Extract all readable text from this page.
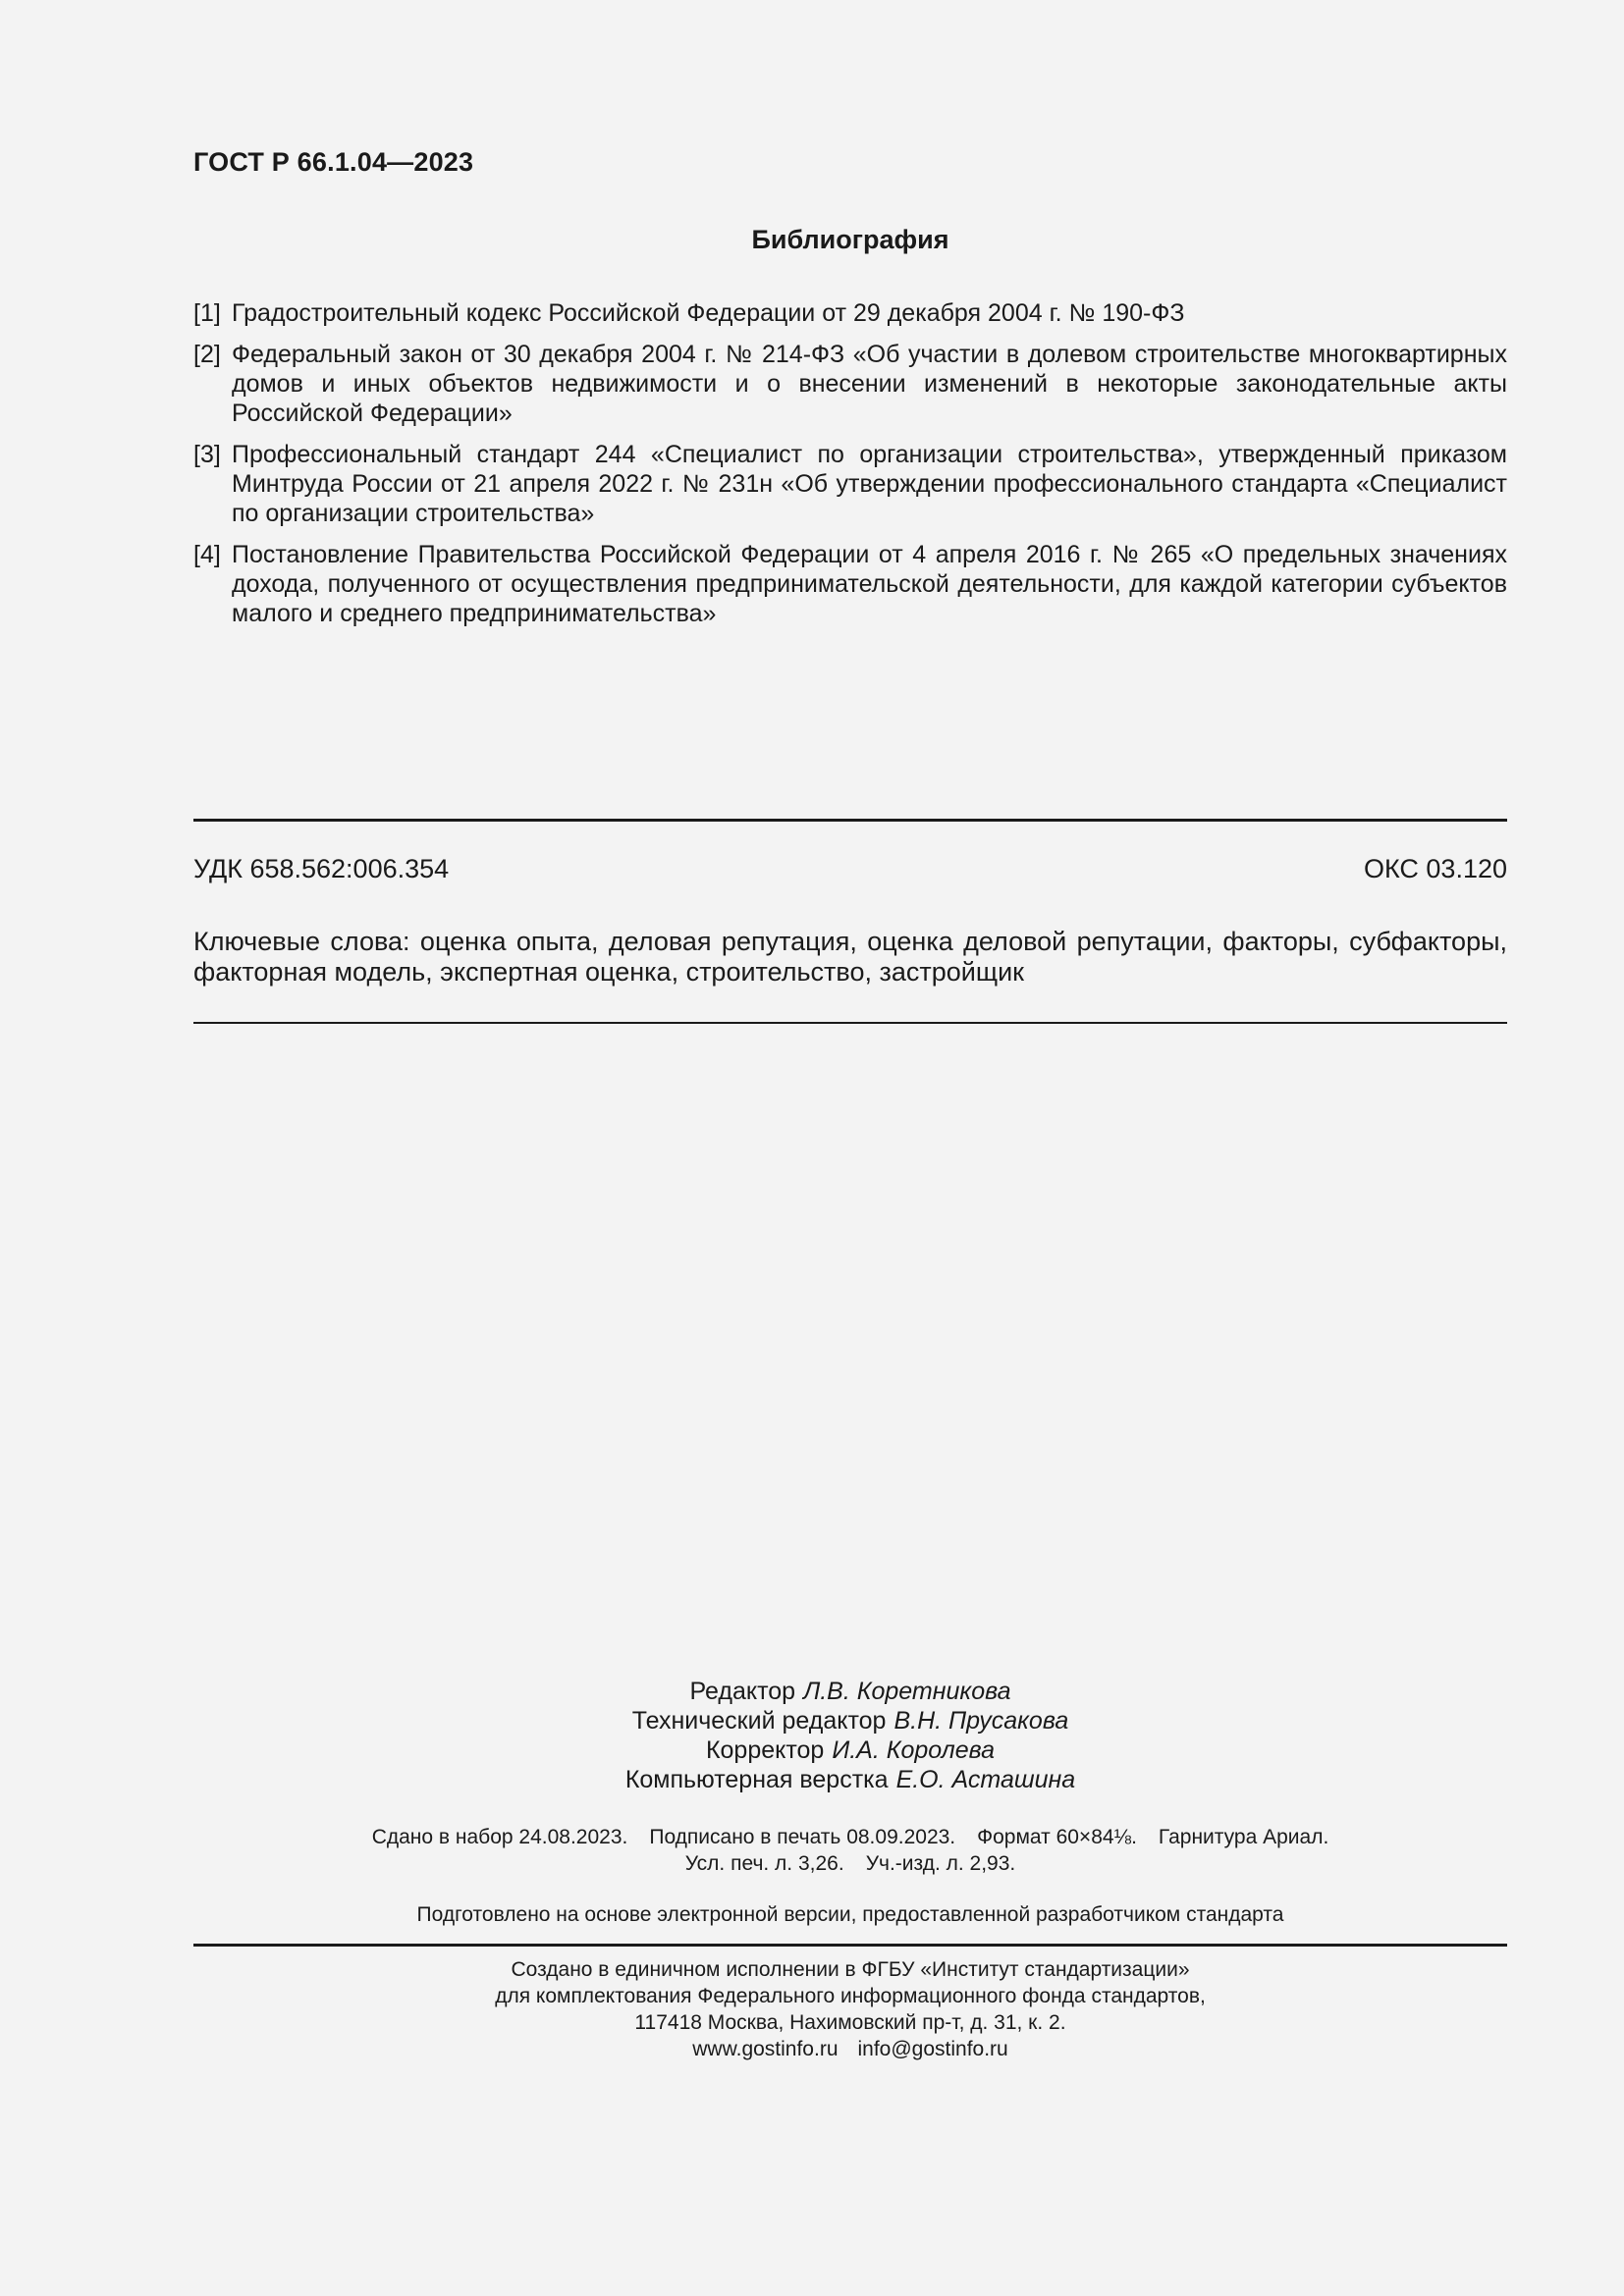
ГОСТ Р 66.1.04—2023
Библиография
[1] Градостроительный кодекс Российской Федерации от 29 декабря 2004 г. № 190-ФЗ
[2] Федеральный закон от 30 декабря 2004 г. № 214-ФЗ «Об участии в долевом строительстве многоквартирных домов и иных объектов недвижимости и о внесении изменений в некоторые законодательные акты Российской Федерации»
[3] Профессиональный стандарт 244 «Специалист по организации строительства», утвержденный приказом Минтруда России от 21 апреля 2022 г. № 231н «Об утверждении профессионального стандарта «Специалист по организации строительства»
[4] Постановление Правительства Российской Федерации от 4 апреля 2016 г. № 265 «О предельных значениях дохода, полученного от осуществления предпринимательской деятельности, для каждой категории субъектов малого и среднего предпринимательства»
УДК 658.562:006.354	ОКС 03.120
Ключевые слова: оценка опыта, деловая репутация, оценка деловой репутации, факторы, субфакторы, факторная модель, экспертная оценка, строительство, застройщик
Редактор Л.В. Коретникова
Технический редактор В.Н. Прусакова
Корректор И.А. Королева
Компьютерная верстка Е.О. Асташина
Сдано в набор 24.08.2023. Подписано в печать 08.09.2023. Формат 60×84⅛. Гарнитура Ариал.
Усл. печ. л. 3,26. Уч.-изд. л. 2,93.
Подготовлено на основе электронной версии, предоставленной разработчиком стандарта
Создано в единичном исполнении в ФГБУ «Институт стандартизации»
для комплектования Федерального информационного фонда стандартов,
117418 Москва, Нахимовский пр-т, д. 31, к. 2.
www.gostinfo.ru info@gostinfo.ru
